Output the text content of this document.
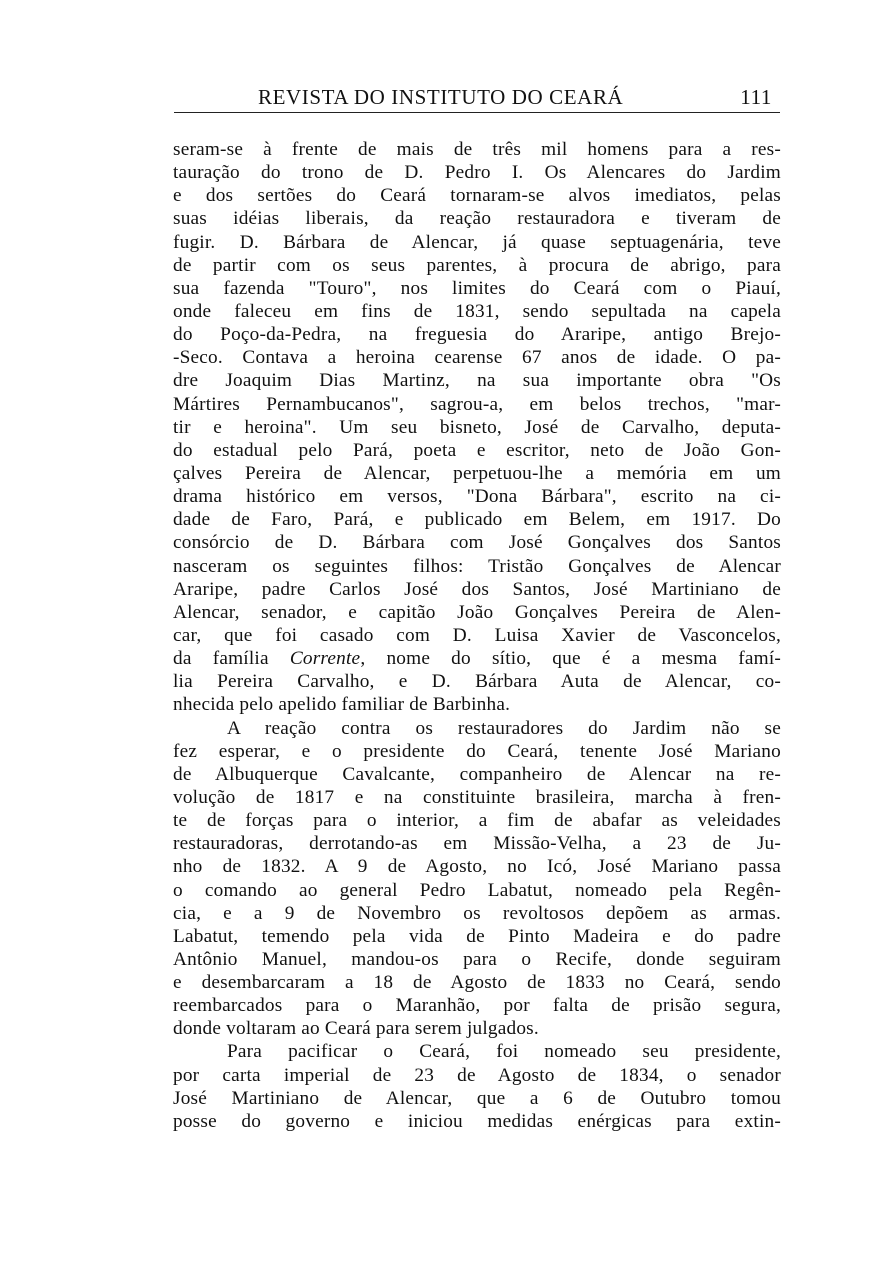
REVISTA DO INSTITUTO DO CEARÁ	111
seram-se à frente de mais de três mil homens para a res-
tauração do trono de D. Pedro I. Os Alencares do Jardim
e dos sertões do Ceará tornaram-se alvos imediatos, pelas
suas idéias liberais, da reação restauradora e tiveram de
fugir. D. Bárbara de Alencar, já quase septuagenária, teve
de partir com os seus parentes, à procura de abrigo, para
sua fazenda "Touro", nos limites do Ceará com o Piauí,
onde faleceu em fins de 1831, sendo sepultada na capela
do Poço-da-Pedra, na freguesia do Araripe, antigo Brejo-
-Seco. Contava a heroina cearense 67 anos de idade. O pa-
dre Joaquim Dias Martinz, na sua importante obra "Os
Mártires Pernambucanos", sagrou-a, em belos trechos, "mar-
tir e heroina". Um seu bisneto, José de Carvalho, deputa-
do estadual pelo Pará, poeta e escritor, neto de João Gon-
çalves Pereira de Alencar, perpetuou-lhe a memória em um
drama histórico em versos, "Dona Bárbara", escrito na ci-
dade de Faro, Pará, e publicado em Belem, em 1917. Do
consórcio de D. Bárbara com José Gonçalves dos Santos
nasceram os seguintes filhos: Tristão Gonçalves de Alencar
Araripe, padre Carlos José dos Santos, José Martiniano de
Alencar, senador, e capitão João Gonçalves Pereira de Alen-
car, que foi casado com D. Luisa Xavier de Vasconcelos,
da família Corrente, nome do sítio, que é a mesma famí-
lia Pereira Carvalho, e D. Bárbara Auta de Alencar, co-
nhecida pelo apelido familiar de Barbinha.
A reação contra os restauradores do Jardim não se
fez esperar, e o presidente do Ceará, tenente José Mariano
de Albuquerque Cavalcante, companheiro de Alencar na re-
volução de 1817 e na constituinte brasileira, marcha à fren-
te de forças para o interior, a fim de abafar as veleidades
restauradoras, derrotando-as em Missão-Velha, a 23 de Ju-
nho de 1832. A 9 de Agosto, no Icó, José Mariano passa
o comando ao general Pedro Labatut, nomeado pela Regên-
cia, e a 9 de Novembro os revoltosos depõem as armas.
Labatut, temendo pela vida de Pinto Madeira e do padre
Antônio Manuel, mandou-os para o Recife, donde seguiram
e desembarcaram a 18 de Agosto de 1833 no Ceará, sendo
reembarcados para o Maranhão, por falta de prisão segura,
donde voltaram ao Ceará para serem julgados.
Para pacificar o Ceará, foi nomeado seu presidente,
por carta imperial de 23 de Agosto de 1834, o senador
José Martiniano de Alencar, que a 6 de Outubro tomou
posse do governo e iniciou medidas enérgicas para extin-
